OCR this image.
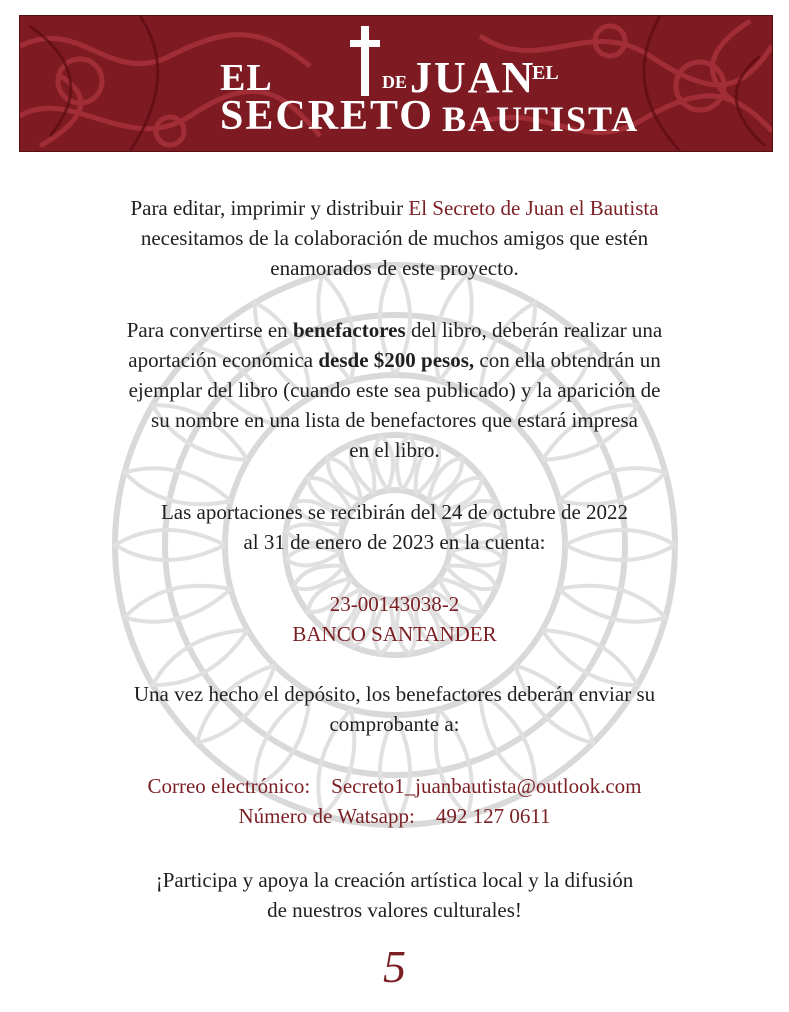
EL
SECRETO
DE JUAN
EL
BAUTISTA

Para editar, imprimir y distribuir El Secreto de Juan el Bautista
necesitamos de la colaboración de muchos amigos que estén
enamorados de este proyecto.

Para convertirse en benefactores del libro, deberán realizar una
aportación económica desde $200 pesos, con ella obtendrán un
ejemplar del libro (cuando este sea publicado) y la aparición de
su nombre en una lista de benefactores que estará impresa
en el libro.

Las aportaciones se recibirán del 24 de octubre de 2022
al 31 de enero de 2023 en la cuenta:

23-00143038-2
BANCO SANTANDER

Una vez hecho el depósito, los benefactores deberán enviar su
comprobante a:

Correo electrónico: Secreto1_juanbautista@outlook.com
Número de Watsapp: 492 127 0611

¡Participa y apoya la creación artística local y la difusión
de nuestros valores culturales!

5
